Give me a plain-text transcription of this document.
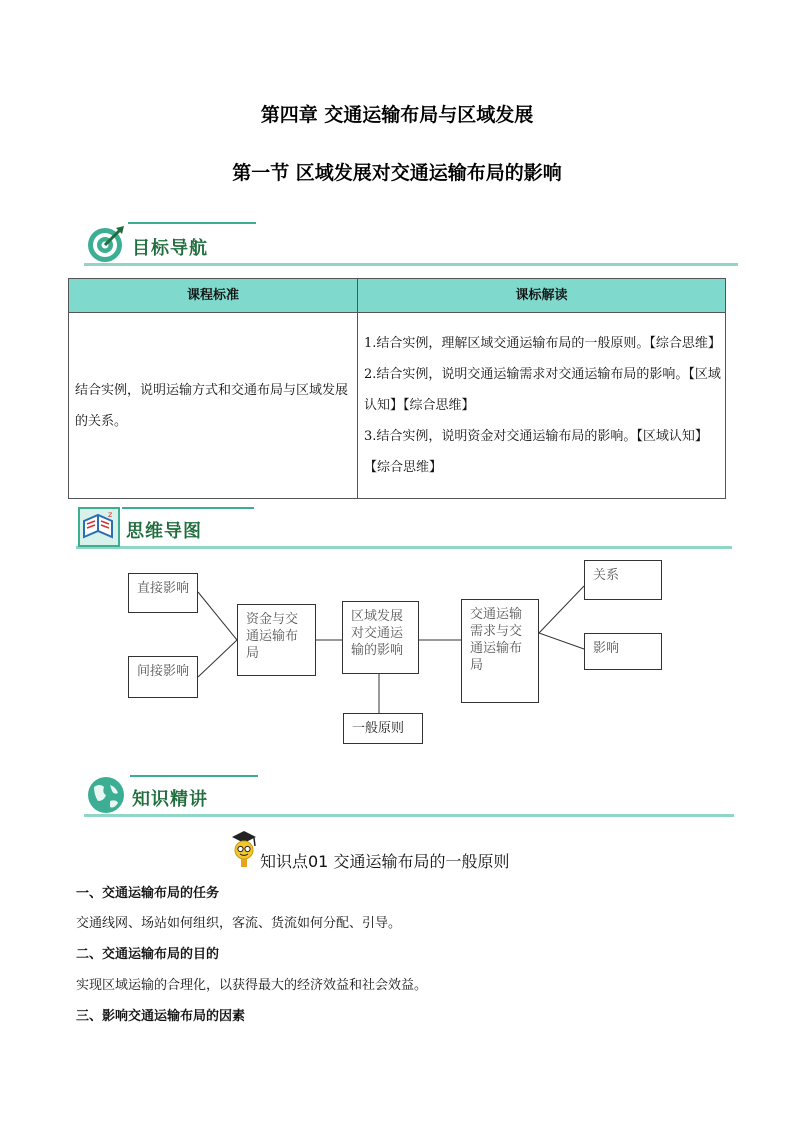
第四章 交通运输布局与区域发展
第一节 区域发展对交通运输布局的影响
目标导航
课程标准	课标解读
结合实例，说明运输方式和交通布局与区域发展的关系。	1.结合实例，理解区域交通运输布局的一般原则。【综合思维】
2.结合实例，说明交通运输需求对交通运输布局的影响。【区域认知】【综合思维】
3.结合实例，说明资金对交通运输布局的影响。【区域认知】【综合思维】
z
思维导图
直接影响
间接影响
资金与交通运输布局
区域发展对交通运输的影响
交通运输需求与交通运输布局
关系
影响
一般原则
知识精讲
知识点01 交通运输布局的一般原则
一、交通运输布局的任务
交通线网、场站如何组织，客流、货流如何分配、引导。
二、交通运输布局的目的
实现区域运输的合理化，以获得最大的经济效益和社会效益。
三、影响交通运输布局的因素
